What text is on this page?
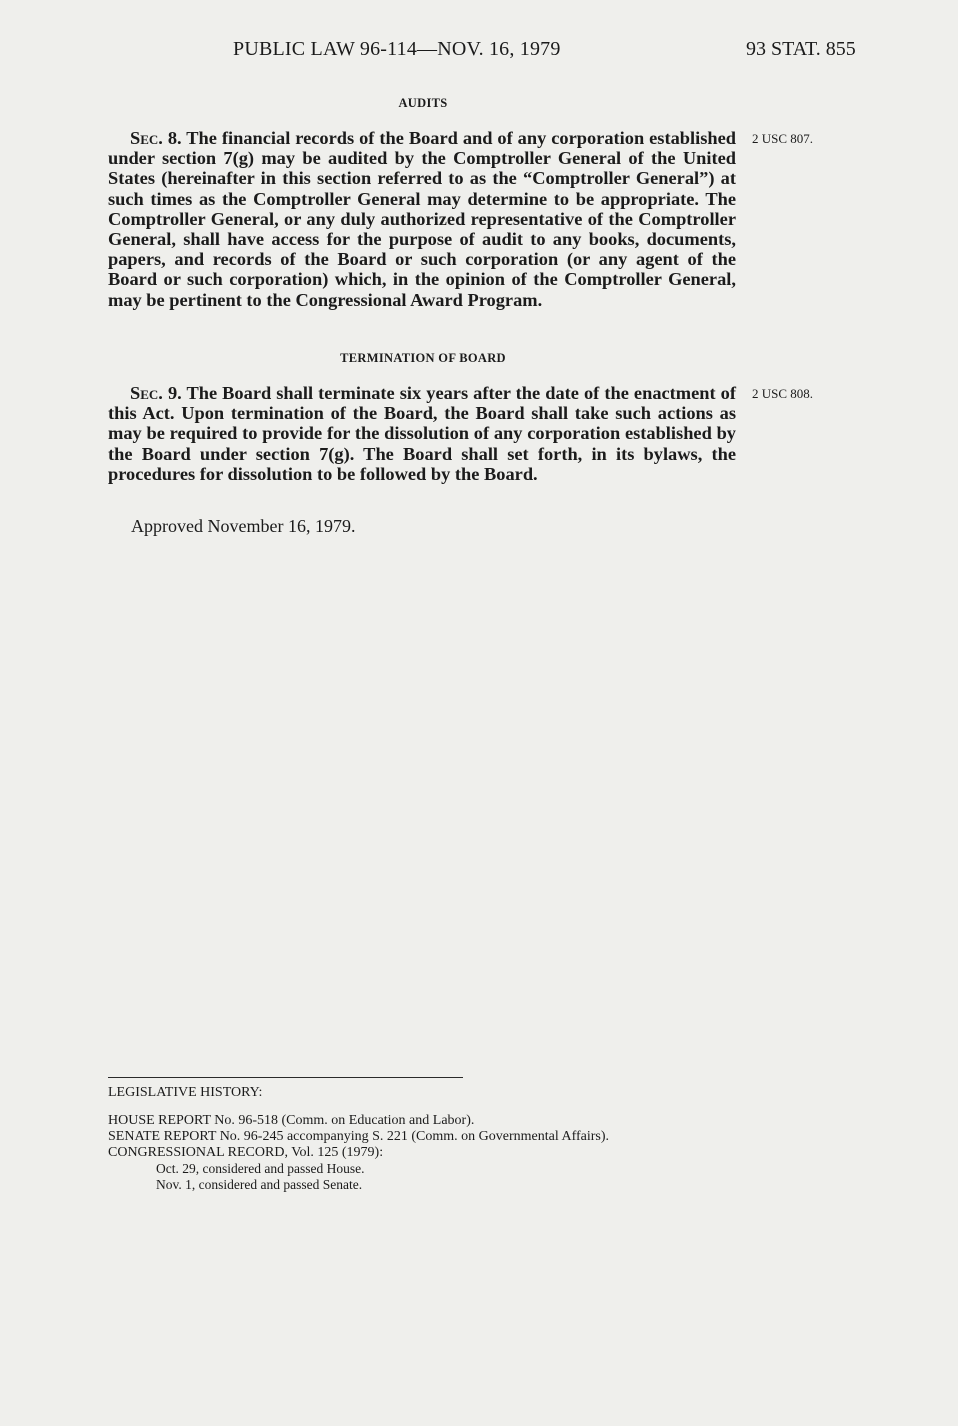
PUBLIC LAW 96-114—NOV. 16, 1979	93 STAT. 855
AUDITS

Sec. 8. The financial records of the Board and of any corporation established under section 7(g) may be audited by the Comptroller General of the United States (hereinafter in this section referred to as the “Comptroller General”) at such times as the Comptroller General may determine to be appropriate. The Comptroller General, or any duly authorized representative of the Comptroller General, shall have access for the purpose of audit to any books, documents, papers, and records of the Board or such corporation (or any agent of the Board or such corporation) which, in the opinion of the Comptroller General, may be pertinent to the Congressional Award Program.

2 USC 807.
TERMINATION OF BOARD

Sec. 9. The Board shall terminate six years after the date of the enactment of this Act. Upon termination of the Board, the Board shall take such actions as may be required to provide for the dissolution of any corporation established by the Board under section 7(g). The Board shall set forth, in its bylaws, the procedures for dissolution to be followed by the Board.

2 USC 808.
Approved November 16, 1979.
LEGISLATIVE HISTORY:

HOUSE REPORT No. 96-518 (Comm. on Education and Labor).

SENATE REPORT No. 96-245 accompanying S. 221 (Comm. on Governmental Affairs).

CONGRESSIONAL RECORD, Vol. 125 (1979):

Oct. 29, considered and passed House.

Nov. 1, considered and passed Senate.
